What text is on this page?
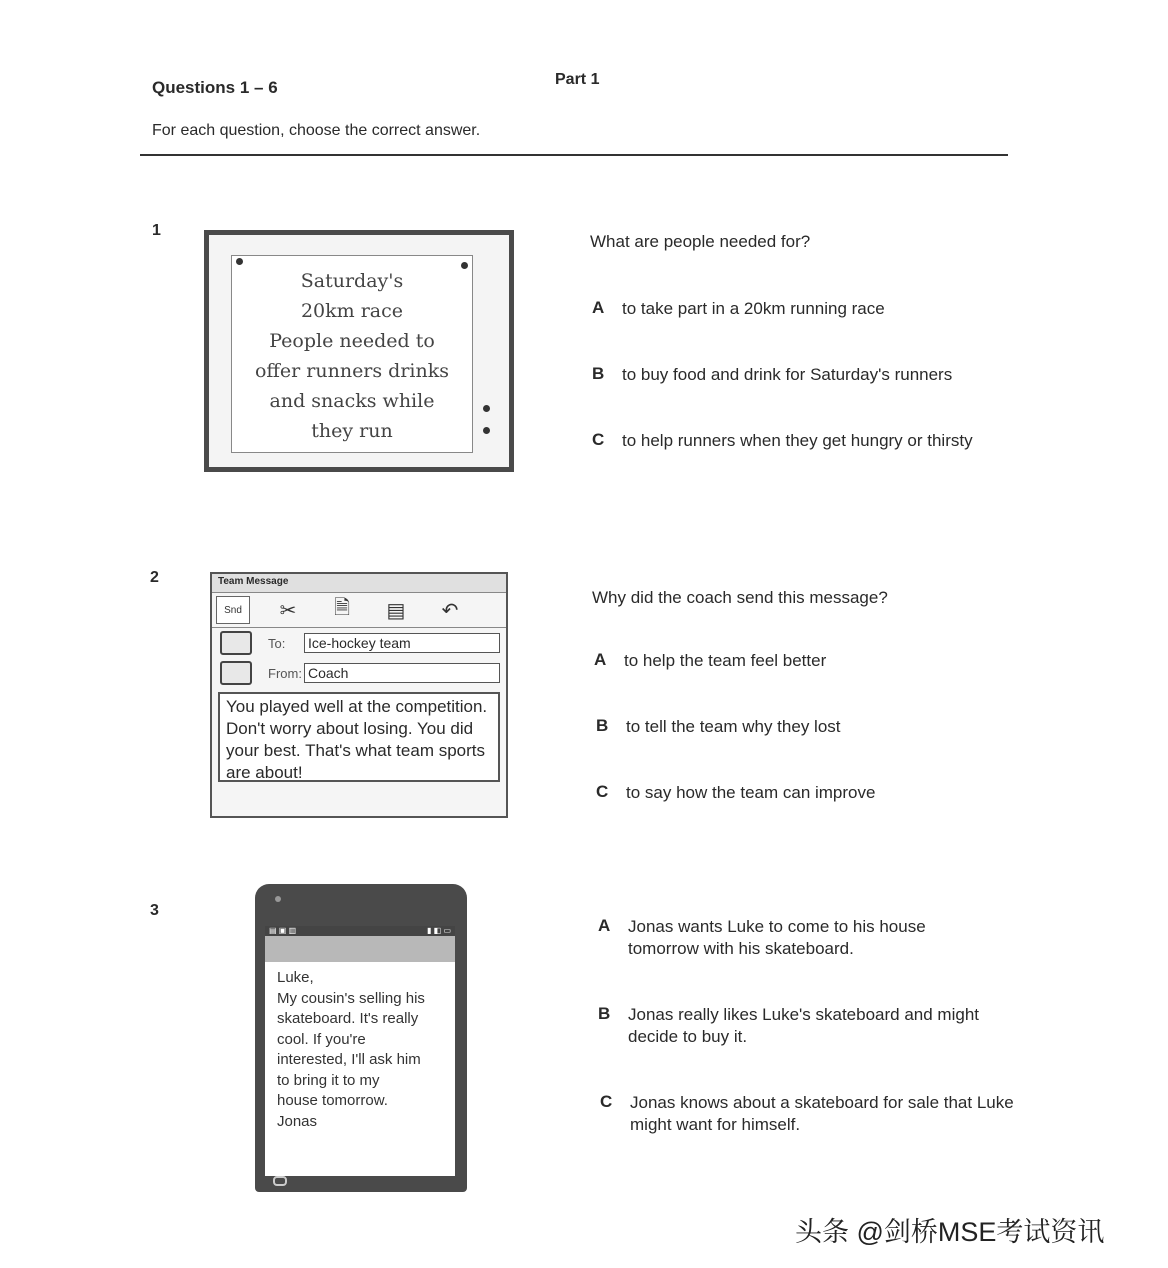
Questions 1 – 6	Part 1
For each question, choose the correct answer.
1
Saturday's
20km race
People needed to
offer runners drinks
and snacks while
they run
What are people needed for?
A	to take part in a 20km running race
B	to buy food and drink for Saturday's runners
C	to help runners when they get hungry or thirsty
2	Team Message
Snd	✂	🗎	▤	↶
To:	Ice-hockey team
From: Coach
You played well at the competition. Don't worry about losing. You did your best. That's what team sports are about!
Why did the coach send this message?
A	to help the team feel better
B	to tell the team why they lost
C	to say how the team can improve
3
▤ ▣ ▥	▮ ◧ ▭
Luke,
My cousin's selling his
skateboard. It's really
cool. If you're
interested, I'll ask him
to bring it to my
house tomorrow.
Jonas
A	Jonas wants Luke to come to his house tomorrow with his skateboard.
B	Jonas really likes Luke's skateboard and might decide to buy it.
C	Jonas knows about a skateboard for sale that Luke might want for himself.
头条 @剑桥MSE考试资讯
